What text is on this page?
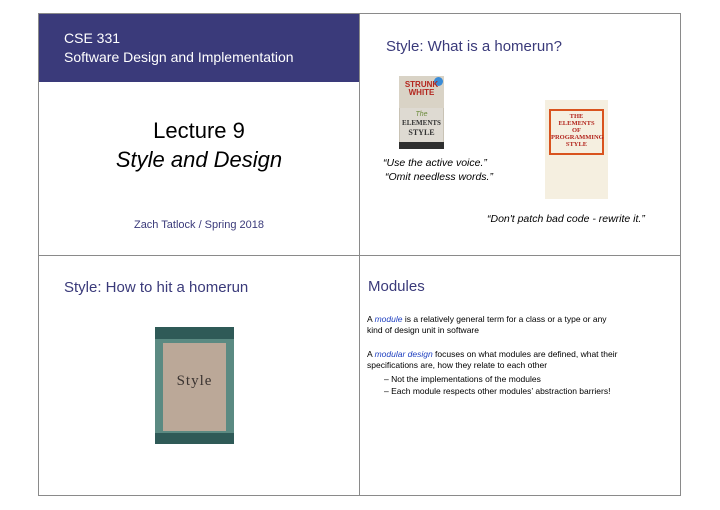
CSE 331
Software Design and Implementation
Lecture 9
Style and Design
Zach Tatlock / Spring 2018
Style: What is a homerun?
STRUNK
WHITE
The
ELEMENTS
STYLE
THE
ELEMENTS
OF
PROGRAMMING
STYLE
“Use the active voice.”
“Omit needless words.”
“Don't patch bad code - rewrite it.”
Style: How to hit a homerun
Style
Modules
A module is a relatively general term for a class or a type or any
kind of design unit in software
A modular design focuses on what modules are defined, what their
specifications are, how they relate to each other
– Not the implementations of the modules
– Each module respects other modules’ abstraction barriers!
